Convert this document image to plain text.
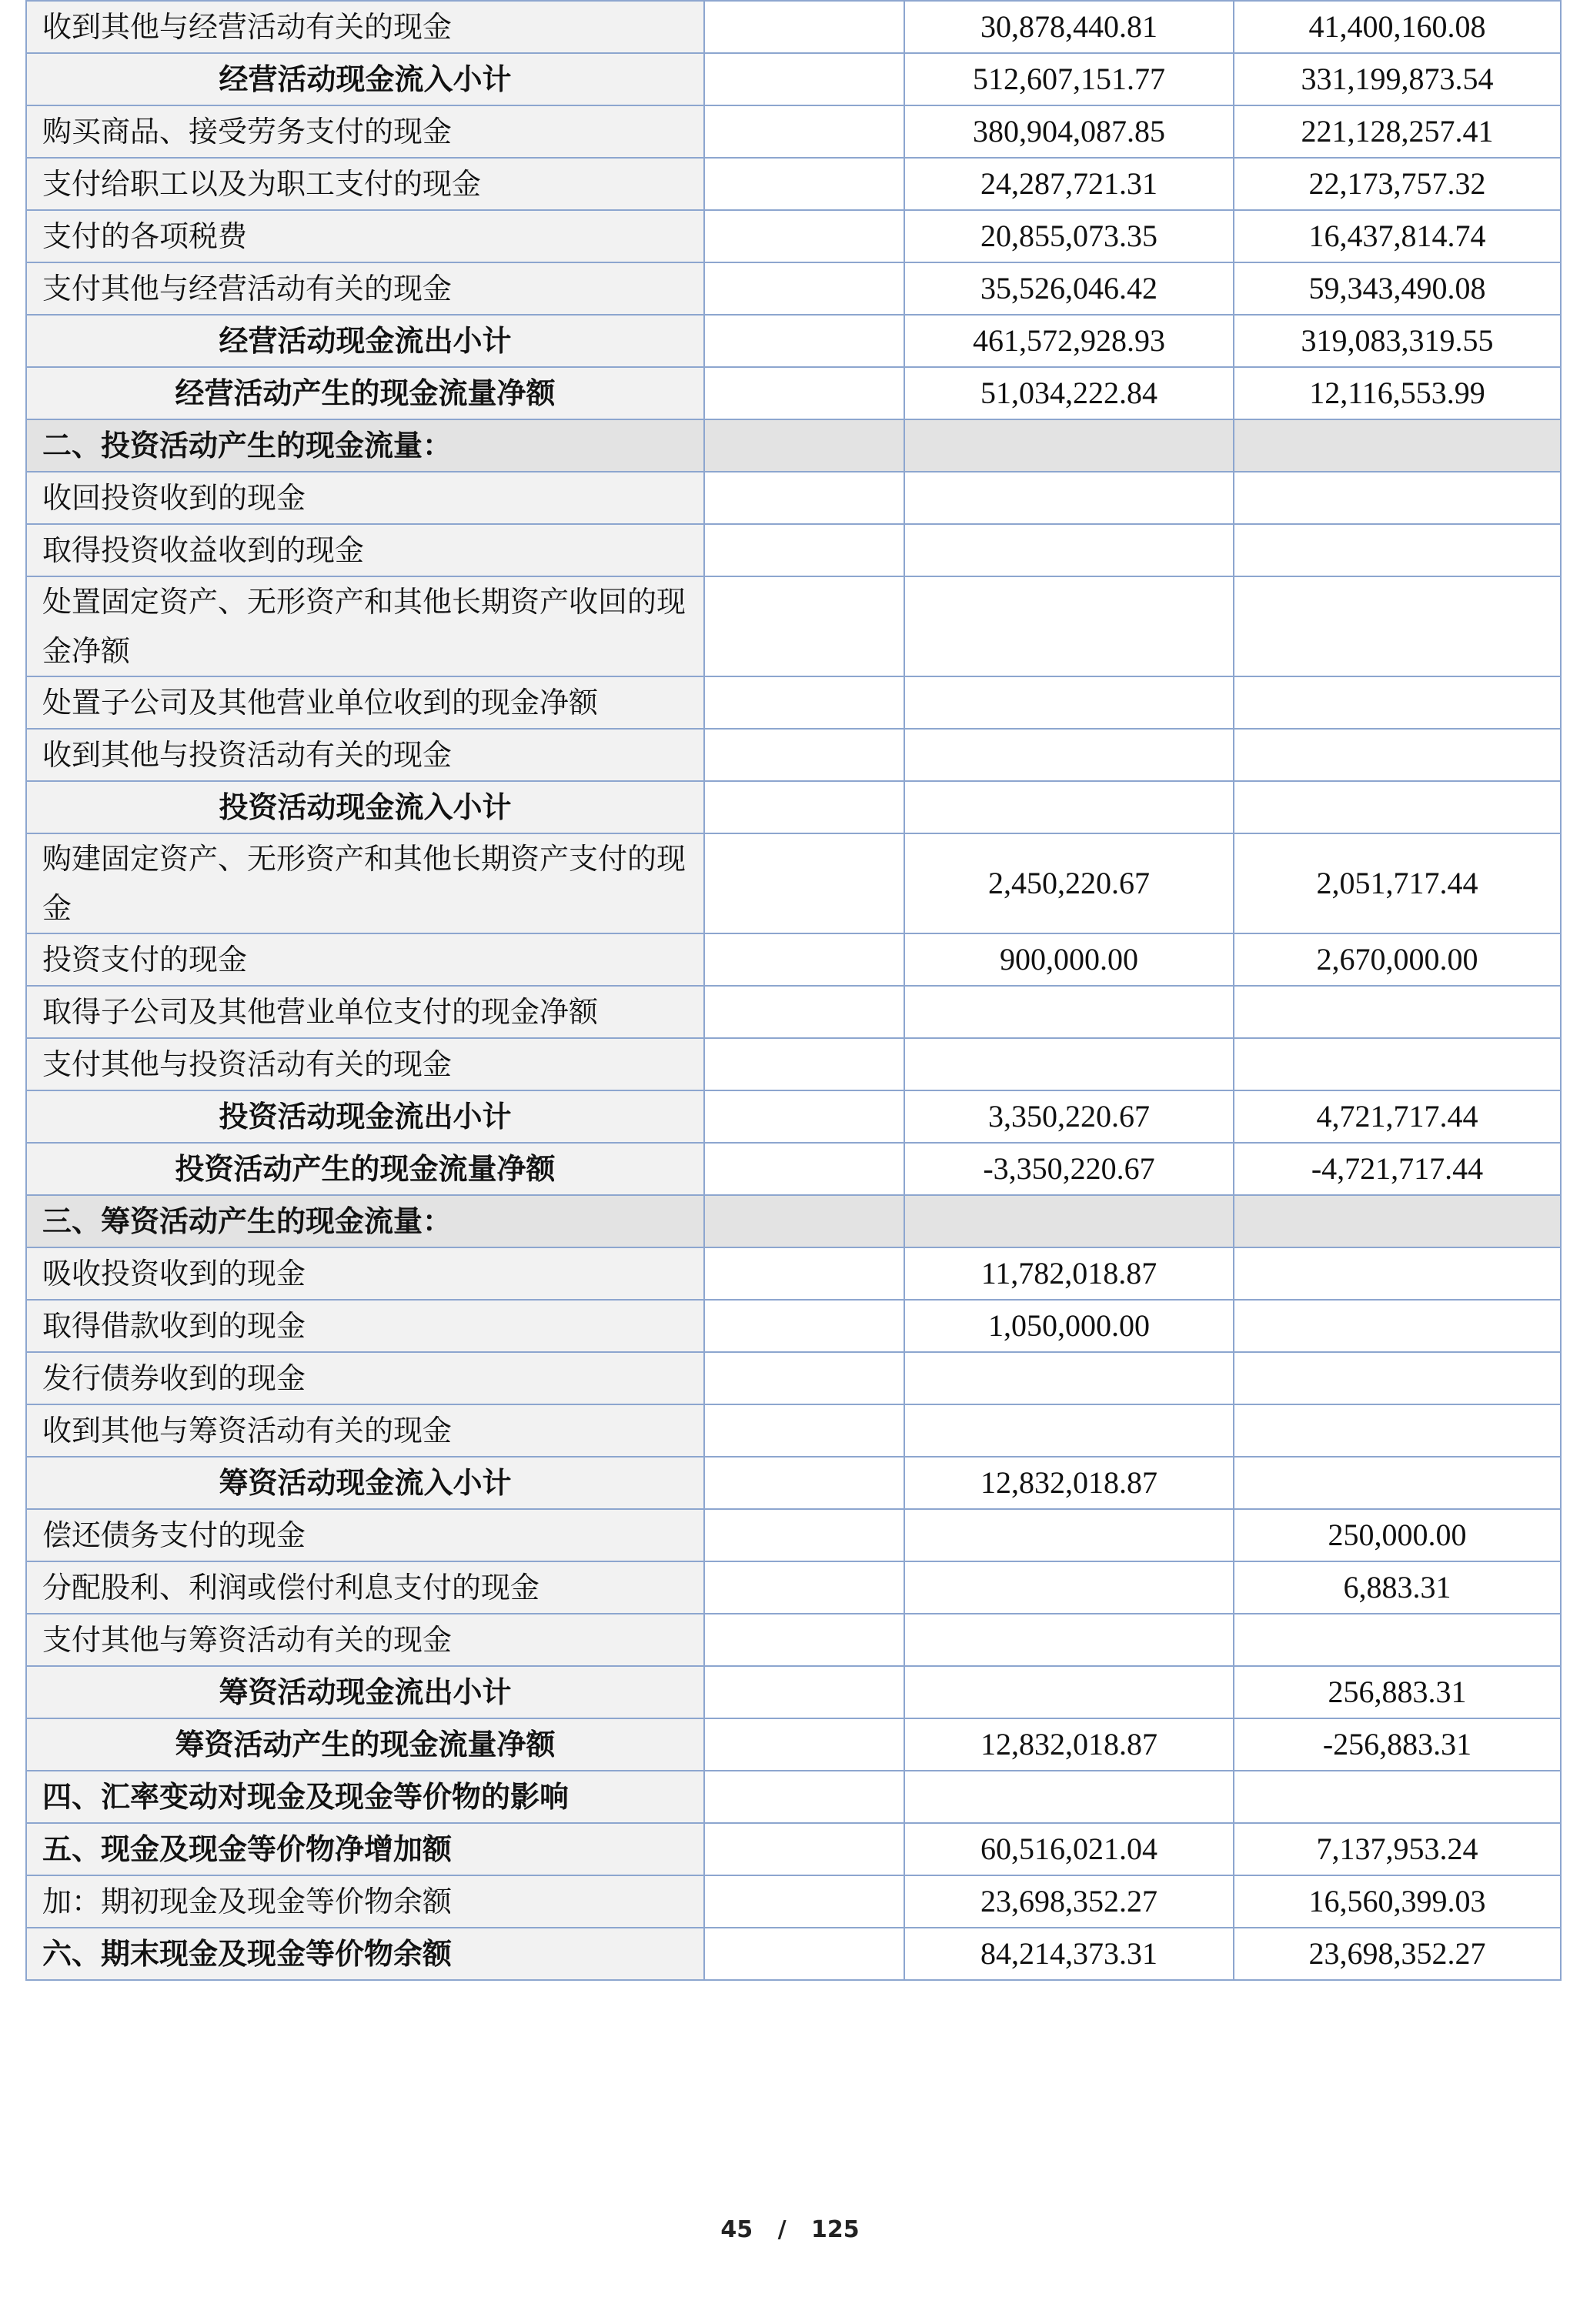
收到其他与经营活动有关的现金		30,878,440.81	41,400,160.08
经营活动现金流入小计		512,607,151.77	331,199,873.54
购买商品、接受劳务支付的现金		380,904,087.85	221,128,257.41
支付给职工以及为职工支付的现金		24,287,721.31	22,173,757.32
支付的各项税费		20,855,073.35	16,437,814.74
支付其他与经营活动有关的现金		35,526,046.42	59,343,490.08
经营活动现金流出小计		461,572,928.93	319,083,319.55
经营活动产生的现金流量净额		51,034,222.84	12,116,553.99
二、投资活动产生的现金流量：			
收回投资收到的现金			
取得投资收益收到的现金			
处置固定资产、无形资产和其他长期资产收回的现金净额			
处置子公司及其他营业单位收到的现金净额			
收到其他与投资活动有关的现金			
投资活动现金流入小计			
购建固定资产、无形资产和其他长期资产支付的现金		2,450,220.67	2,051,717.44
投资支付的现金		900,000.00	2,670,000.00
取得子公司及其他营业单位支付的现金净额			
支付其他与投资活动有关的现金			
投资活动现金流出小计		3,350,220.67	4,721,717.44
投资活动产生的现金流量净额		-3,350,220.67	-4,721,717.44
三、筹资活动产生的现金流量：			
吸收投资收到的现金		11,782,018.87	
取得借款收到的现金		1,050,000.00	
发行债券收到的现金			
收到其他与筹资活动有关的现金			
筹资活动现金流入小计		12,832,018.87	
偿还债务支付的现金			250,000.00
分配股利、利润或偿付利息支付的现金			6,883.31
支付其他与筹资活动有关的现金			
筹资活动现金流出小计			256,883.31
筹资活动产生的现金流量净额		12,832,018.87	-256,883.31
四、汇率变动对现金及现金等价物的影响			
五、现金及现金等价物净增加额		60,516,021.04	7,137,953.24
加：期初现金及现金等价物余额		23,698,352.27	16,560,399.03
六、期末现金及现金等价物余额		84,214,373.31	23,698,352.27
45 / 125
